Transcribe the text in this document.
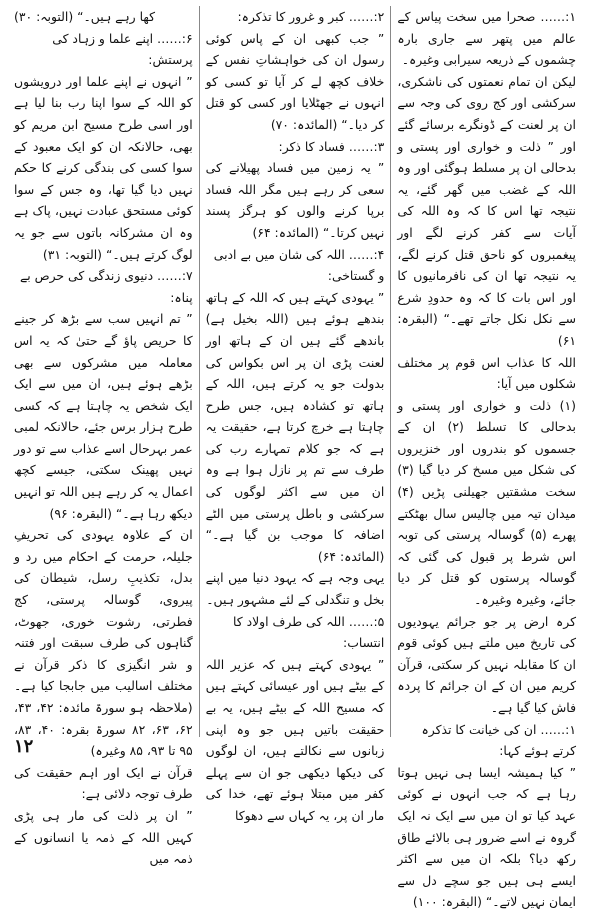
۱:…… صحرا میں سخت پیاس کے عالم میں پتھر سے جاری بارہ چشموں کے ذریعہ سیرابی وغیرہ۔

لیکن ان تمام نعمتوں کی ناشکری، سرکشی اور کج روی کی وجہ سے ان پر لعنت کے ڈونگرے برسائے گئے اور ” ذلت و خواری اور پستی و بدحالی ان پر مسلط ہوگئی اور وہ اللہ کے غضب میں گھر گئے، یہ نتیجہ تھا اس کا کہ وہ اللہ کی آیات سے کفر کرنے لگے اور پیغمبروں کو ناحق قتل کرنے لگے، یہ نتیجہ تھا ان کی نافرمانیوں کا اور اس بات کا کہ وہ حدودِ شرع سے نکل نکل جاتے تھے۔“ (البقرہ: ۶۱)

اللہ کا عذاب اس قوم پر مختلف شکلوں میں آیا:

(۱) ذلت و خواری اور پستی و بدحالی کا تسلط (۲) ان کے جسموں کو بندروں اور خنزیروں کی شکل میں مسخ کر دیا گیا (۳) سخت مشقتیں جھیلنی پڑیں (۴) میدان تیہ میں چالیس سال بھٹکتے پھرے (۵) گوسالہ پرستی کی توبہ اس شرط پر قبول کی گئی کہ گوسالہ پرستوں کو قتل کر دیا جائے، وغیرہ وغیرہ۔

کرہ ارض پر جو جرائم یہودیوں کی تاریخ میں ملتے ہیں کوئی قوم ان کا مقابلہ نہیں کر سکتی، قرآن کریم میں ان کے ان جرائم کا پردہ فاش کیا گیا ہے۔

۱:…… ان کی خیانت کا تذکرہ کرتے ہوئے کہا:

” کیا ہمیشہ ایسا ہی نہیں ہوتا رہا ہے کہ جب انہوں نے کوئی عہد کیا تو ان میں سے ایک نہ ایک گروہ نے اسے ضرور ہی بالائے طاق رکھ دیا؟ بلکہ ان میں سے اکثر ایسے ہی ہیں جو سچے دل سے ایمان نہیں لاتے۔“ (البقرہ: ۱۰۰)

۲:…… کبر و غرور کا تذکرہ:

” جب کبھی ان کے پاس کوئی رسول ان کی خواہشاتِ نفس کے خلاف کچھ لے کر آیا تو کسی کو انہوں نے جھٹلایا اور کسی کو قتل کر دیا۔“ (المائدہ: ۷۰)

۳:…… فساد کا ذکر:

” یہ زمین میں فساد پھیلانے کی سعی کر رہے ہیں مگر اللہ فساد برپا کرنے والوں کو ہرگز پسند نہیں کرتا۔“ (المائدہ: ۶۴)

۴:…… اللہ کی شان میں بے ادبی و گستاخی:

” یہودی کہتے ہیں کہ اللہ کے ہاتھ بندھے ہوئے ہیں (اللہ بخیل ہے) باندھے گئے ہیں ان کے ہاتھ اور لعنت پڑی ان پر اس بکواس کی بدولت جو یہ کرتے ہیں، اللہ کے ہاتھ تو کشادہ ہیں، جس طرح چاہتا ہے خرچ کرتا ہے، حقیقت یہ ہے کہ جو کلام تمہارے رب کی طرف سے تم پر نازل ہوا ہے وہ ان میں سے اکثر لوگوں کی سرکشی و باطل پرستی میں الٹے اضافہ کا موجب بن گیا ہے۔“ (المائدہ: ۶۴)

یہی وجہ ہے کہ یہود دنیا میں اپنے بخل و تنگدلی کے لئے مشہور ہیں۔

۵:…… اللہ کی طرف اولاد کا انتساب:

” یہودی کہتے ہیں کہ عزیر اللہ کے بیٹے ہیں اور عیسائی کہتے ہیں کہ مسیح اللہ کے بیٹے ہیں، یہ بے حقیقت باتیں ہیں جو وہ اپنی زبانوں سے نکالتے ہیں، ان لوگوں کی دیکھا دیکھی جو ان سے پہلے کفر میں مبتلا ہوئے تھے، خدا کی مار ان پر، یہ کہاں سے دھوکا

کھا رہے ہیں۔“ (التوبہ: ۳۰)

۶:…… اپنے علما و زہاد کی پرستش:

” انہوں نے اپنے علما اور درویشوں کو اللہ کے سوا اپنا رب بنا لیا ہے اور اسی طرح مسیح ابن مریم کو بھی، حالانکہ ان کو ایک معبود کے سوا کسی کی بندگی کرنے کا حکم نہیں دیا گیا تھا، وہ جس کے سوا کوئی مستحق عبادت نہیں، پاک ہے وہ ان مشرکانہ باتوں سے جو یہ لوگ کرتے ہیں۔“ (التوبہ: ۳۱)

۷:…… دنیوی زندگی کی حرص بے پناہ:

” تم انہیں سب سے بڑھ کر جینے کا حریص پاؤ گے حتیٰ کہ یہ اس معاملہ میں مشرکوں سے بھی بڑھے ہوئے ہیں، ان میں سے ایک ایک شخص یہ چاہتا ہے کہ کسی طرح ہزار برس جئے، حالانکہ لمبی عمر بہرحال اسے عذاب سے تو دور نہیں پھینک سکتی، جیسے کچھ اعمال یہ کر رہے ہیں اللہ تو انہیں دیکھ رہا ہے۔“ (البقرہ: ۹۶)

ان کے علاوہ یہودی کی تحریفِ جلیلہ، حرمت کے احکام میں رد و بدل، تکذیبِ رسل، شیطان کی پیروی، گوسالہ پرستی، کج فطرتی، رشوت خوری، جھوٹ، گناہوں کی طرف سبقت اور فتنہ و شر انگیزی کا ذکر قرآن نے مختلف اسالیب میں جابجا کیا ہے۔ (ملاحظہ ہو سورۃ مائدہ: ۴۲، ۴۳، ۶۲، ۶۳، ۸۲ سورۃ بقرہ: ۴۰، ۸۳، ۹۵ تا ۹۳، ۸۵ وغیرہ)

قرآن نے ایک اور اہم حقیقت کی طرف توجہ دلائی ہے:

” ان پر ذلت کی مار ہی پڑی کہیں اللہ کے ذمہ یا انسانوں کے ذمہ میں

۱۲
